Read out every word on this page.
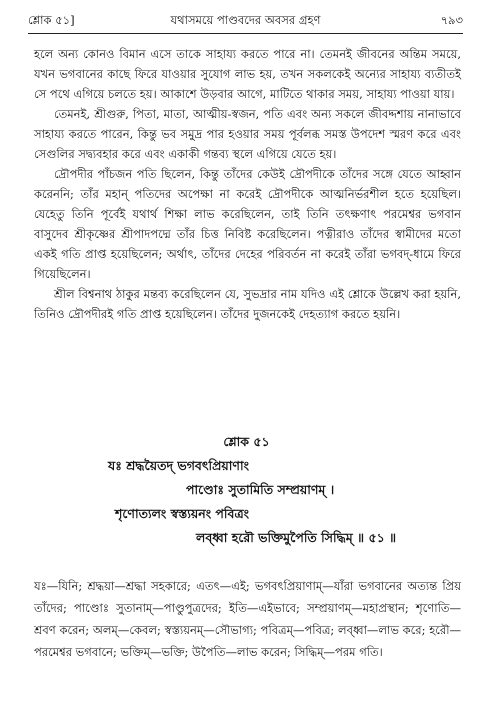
শ্লোক ৫১]	যথাসময়ে পাণ্ডবদের অবসর গ্রহণ	৭৯৩

হলে অন্য কোনও বিমান এসে তাকে সাহায্য করতে পারে না। তেমনই জীবনের অন্তিম সময়ে, যখন ভগবানের কাছে ফিরে যাওয়ার সুযোগ লাভ হয়, তখন সকলকেই অন্যের সাহায্য ব্যতীতই সে পথে এগিয়ে চলতে হয়। আকাশে উড়বার আগে, মাটিতে থাকার সময়, সাহায্য পাওয়া যায়।

তেমনই, শ্রীগুরু, পিতা, মাতা, আত্মীয়-স্বজন, পতি এবং অন্য সকলে জীবদ্দশায় নানাভাবে সাহায্য করতে পারেন, কিন্তু ভব সমুদ্র পার হওয়ার সময় পূর্বলব্ধ সমস্ত উপদেশ স্মরণ করে এবং সেগুলির সদ্ব্যবহার করে এবং একাকী গন্তব্য স্থলে এগিয়ে যেতে হয়।

দ্রৌপদীর পাঁচজন পতি ছিলেন, কিন্তু তাঁদের কেউই দ্রৌপদীকে তাঁদের সঙ্গে যেতে আহ্বান করেননি; তাঁর মহান্ পতিদের অপেক্ষা না করেই দ্রৌপদীকে আত্মনির্ভরশীল হতে হয়েছিল। যেহেতু তিনি পূর্বেই যথার্থ শিক্ষা লাভ করেছিলেন, তাই তিনি তৎক্ষণাৎ পরমেশ্বর ভগবান বাসুদেব শ্রীকৃষ্ণের শ্রীপাদপদ্মে তাঁর চিত্ত নিবিষ্ট করেছিলেন। পত্নীরাও তাঁদের স্বামীদের মতো একই গতি প্রাপ্ত হয়েছিলেন; অর্থাৎ, তাঁদের দেহের পরিবর্তন না করেই তাঁরা ভগবদ্-ধামে ফিরে গিয়েছিলেন।

শ্রীল বিশ্বনাথ ঠাকুর মন্তব্য করেছিলেন যে, সুভদ্রার নাম যদিও এই শ্লোকে উল্লেখ করা হয়নি, তিনিও দ্রৌপদীরই গতি প্রাপ্ত হয়েছিলেন। তাঁদের দুজনকেই দেহত্যাগ করতে হয়নি।

শ্লোক ৫১
যঃ শ্রদ্ধয়ৈতদ্ ভগবৎপ্রিয়াণাং
পাণ্ডোঃ সুতামিতি সম্প্রয়াণম্ ।
শৃণোত্যলং স্বস্ত্যয়নং পবিত্রং
লব্ধ্বা হরৌ ভক্তিমুপৈতি সিদ্ধিম্ ॥ ৫১ ॥
যঃ—যিনি; শ্রদ্ধয়া—শ্রদ্ধা সহকারে; এতৎ—এই; ভগবৎপ্রিয়াণাম্—যাঁরা ভগবানের অত্যন্ত প্রিয় তাঁদের; পাণ্ডোঃ সুতানাম্—পাণ্ডুপুত্রদের; ইতি—এইভাবে; সম্প্রয়াণম্—মহাপ্রস্থান; শৃণোতি—শ্রবণ করেন; অলম্—কেবল; স্বস্ত্যয়নম্—সৌভাগ্য; পবিত্রম্—পবিত্র; লব্ধ্বা—লাভ করে; হরৌ—পরমেশ্বর ভগবানে; ভক্তিম্—ভক্তি; উপৈতি—লাভ করেন; সিদ্ধিম্—পরম গতি।
